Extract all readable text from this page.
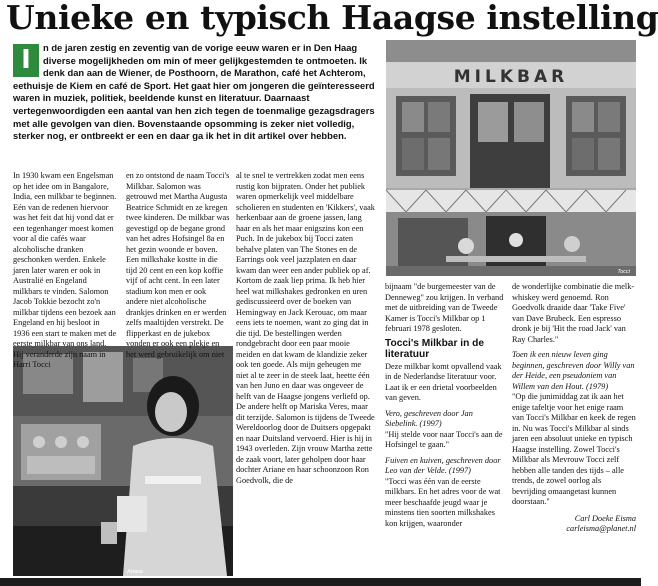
Unieke en typisch Haagse instelling
I	n de jaren zestig en zeventig van de vorige eeuw waren er in Den Haag diverse mogelijkheden om min of meer gelijkgestemden te ontmoeten. Ik denk dan aan de Wiener, de Posthoorn, de Marathon, café het Achterom, eethuisje de Kiem en café de Sport. Het gaat hier om jongeren die geïnteresseerd waren in muziek, politiek, beeldende kunst en literatuur. Daarnaast vertegenwoordigden een aantal van hen zich tegen de toenmalige gezagsdragers met alle gevolgen van dien. Bovenstaande opsomming is zeker niet volledig, sterker nog, er ontbreekt er een en daar ga ik het in dit artikel over hebben.
MILKBAR
Tocci
Ariane

In 1930 kwam een Engelsman op het idee om in Bangalore, India, een milkbar te beginnen. Eén van de redenen hiervoor was het feit dat hij vond dat er een tegenhanger moest komen voor al die cafés waar alcoholische dranken geschonken werden. Enkele jaren later waren er ook in Australië en Engeland milkbars te vinden. Salomon Jacob Tokkie bezocht zo'n milkbar tijdens een bezoek aan Engeland en hij besloot in 1936 een start te maken met de eerste milkbar van ons land. Hij veranderde zijn naam in Harri Tocci

en zo ontstond de naam Tocci's Milkbar. Salomon was getrouwd met Martha Augusta Beatrice Schmidt en ze kregen twee kinderen. De milkbar was gevestigd op de begane grond van het adres Hofsingel 8a en het gezin woonde er boven. Een milkshake kostte in die tijd 20 cent en een kop koffie vijf of acht cent. In een later stadium kon men er ook andere niet alcoholische drankjes drinken en er werden zelfs maaltijden verstrekt. De flipperkast en de jukebox vonden er ook een plekje en het werd gebruikelijk om niet

al te snel te vertrekken zodat men eens rustig kon bijpraten. Onder het publiek waren opmerkelijk veel middelbare scholieren en studenten en 'Kikkers', vaak herkenbaar aan de groene jassen, lang haar en als het maar enigszins kon een Puch. In de jukebox bij Tocci zaten behalve platen van The Stones en de Earrings ook veel jazzplaten en daar kwam dan weer een ander publiek op af. Kortom de zaak liep prima. Ik heb hier heel wat milkshakes gedronken en uren gediscussieerd over de boeken van Hemingway en Jack Kerouac, om maar eens iets te noemen, want zo ging dat in die tijd. De bestellingen werden rondgebracht door een paar mooie meiden en dat kwam de klandizie zeker ook ten goede. Als mijn geheugen me niet al te zeer in de steek laat, heette één van hen Juno en daar was ongeveer de helft van de Haagse jongens verliefd op. De andere helft op Mariska Veres, maar dit terzijde. Salomon is tijdens de Tweede Wereldoorlog door de Duitsers opgepakt en naar Duitsland vervoerd. Hier is hij in 1943 overleden. Zijn vrouw Martha zette de zaak voort, later geholpen door haar dochter Ariane en haar schoonzoon Ron Goedvolk, die de

bijnaam "de burgemeester van de Denneweg" zou krijgen. In verband met de uitbreiding van de Tweede Kamer is Tocci's Milkbar op 1 februari 1978 gesloten.

Tocci's Milkbar in de literatuur

Deze milkbar komt opvallend vaak in de Nederlandse literatuur voor. Laat ik er een drietal voorbeelden van geven.

Vero, geschreven door Jan Siebelink. (1997)

"Hij stelde voor naar Tocci's aan de Hofsingel te gaan."

Fuiven en kuiven, geschreven door Leo van der Velde. (1997)

"Tocci was één van de eerste milkbars. En het adres voor de wat meer beschaafde jeugd waar je minstens tien soorten milkshakes kon krijgen, waaronder

de wonderlijke combinatie die melk-whiskey werd genoemd. Ron Goedvolk draaide daar 'Take Five' van Dave Brubeck. Een espresso dronk je bij 'Hit the road Jack' van Ray Charles."

Toen ik een nieuw leven ging beginnen, geschreven door Willy van der Heide, een pseudoniem van Willem van den Hout. (1979)

"Op die junimiddag zat ik aan het enige tafeltje voor het enige raam van Tocci's Milkbar en keek de regen in. Nu was Tocci's Milkbar al sinds jaren een absoluut unieke en typisch Haagse instelling. Zowel Tocci's Milkbar als Mevrouw Tocci zelf hebben alle tanden des tijds – alle trends, de zowel oorlog als bevrijding omaangetast kunnen doorstaan."

Carl Doeke Eisma

carleisma@planet.nl
